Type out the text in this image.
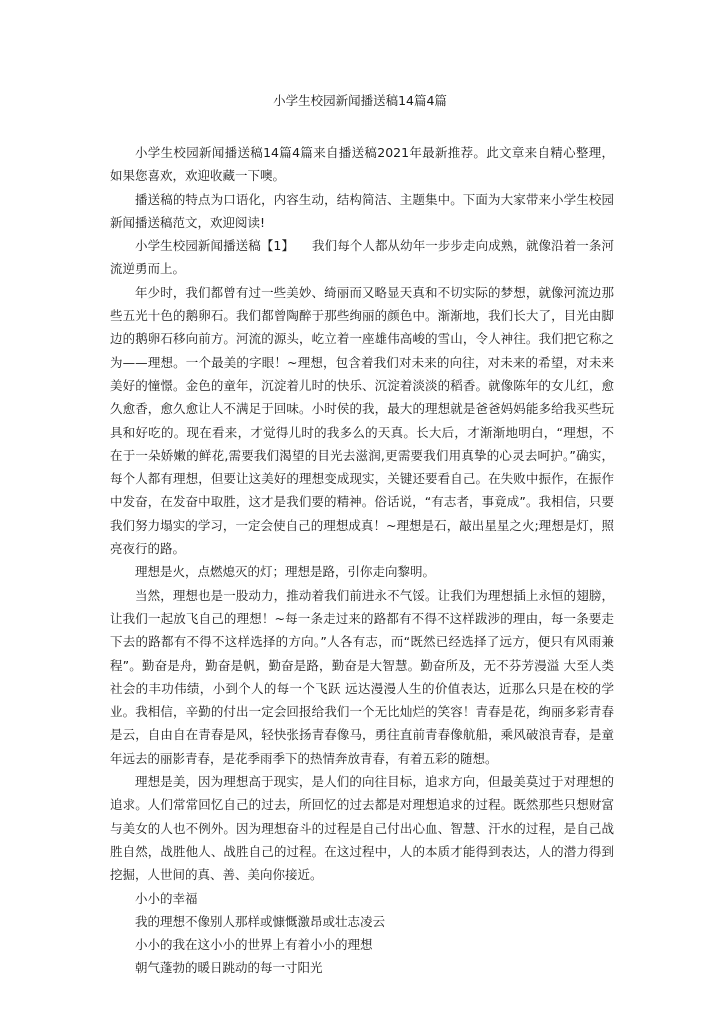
小学生校园新闻播送稿14篇4篇

小学生校园新闻播送稿14篇4篇来自播送稿2021年最新推荐。此文章来自精心整理，如果您喜欢，欢迎收藏一下噢。

播送稿的特点为口语化，内容生动，结构简洁、主题集中。下面为大家带来小学生校园新闻播送稿范文，欢迎阅读!

小学生校园新闻播送稿【1】 我们每个人都从幼年一步步走向成熟，就像沿着一条河流逆勇而上。

年少时，我们都曾有过一些美妙、绮丽而又略显天真和不切实际的梦想，就像河流边那些五光十色的鹅卵石。我们都曾陶醉于那些绚丽的颜色中。渐渐地，我们长大了，目光由脚边的鹅卵石移向前方。河流的源头，屹立着一座雄伟高峻的雪山，令人神往。我们把它称之为——理想。一个最美的字眼！~理想，包含着我们对未来的向往，对未来的希望，对未来美好的憧憬。金色的童年，沉淀着儿时的快乐、沉淀着淡淡的稻香。就像陈年的女儿红，愈久愈香，愈久愈让人不满足于回味。小时侯的我，最大的理想就是爸爸妈妈能多给我买些玩具和好吃的。现在看来，才觉得儿时的我多么的天真。长大后，才渐渐地明白，“理想，不在于一朵娇嫩的鲜花,需要我们渴望的目光去滋润,更需要我们用真挚的心灵去呵护。”确实，每个人都有理想，但要让这美好的理想变成现实，关键还要看自己。在失败中振作，在振作中发奋，在发奋中取胜，这才是我们要的精神。俗话说，“有志者，事竟成”。我相信，只要我们努力塌实的学习，一定会使自己的理想成真！~理想是石，敲出星星之火;理想是灯，照亮夜行的路。

理想是火，点燃熄灭的灯；理想是路，引你走向黎明。

当然，理想也是一股动力，推动着我们前进永不气馁。让我们为理想插上永恒的翅膀，让我们一起放飞自己的理想！~每一条走过来的路都有不得不这样跋涉的理由，每一条要走下去的路都有不得不这样选择的方向。”人各有志，而“既然已经选择了远方，便只有风雨兼程”。勤奋是舟，勤奋是帆，勤奋是路，勤奋是大智慧。勤奋所及，无不芬芳漫溢 大至人类社会的丰功伟绩，小到个人的每一个飞跃 远达漫漫人生的价值表达，近那么只是在校的学业。我相信，辛勤的付出一定会回报给我们一个无比灿烂的笑容！青春是花，绚丽多彩青春是云，自由自在青春是风，轻快张扬青春像马，勇往直前青春像航船，乘风破浪青春，是童年远去的丽影青春，是花季雨季下的热情奔放青春，有着五彩的随想。

理想是美，因为理想高于现实，是人们的向往目标，追求方向，但最美莫过于对理想的追求。人们常常回忆自己的过去，所回忆的过去都是对理想追求的过程。既然那些只想财富与美女的人也不例外。因为理想奋斗的过程是自己付出心血、智慧、汗水的过程，是自己战胜自然，战胜他人、战胜自己的过程。在这过程中，人的本质才能得到表达，人的潜力得到挖掘，人世间的真、善、美向你接近。

小小的幸福

我的理想不像别人那样或慷慨激昂或壮志凌云

小小的我在这小小的世界上有着小小的理想

朝气蓬勃的暖日跳动的每一寸阳光
